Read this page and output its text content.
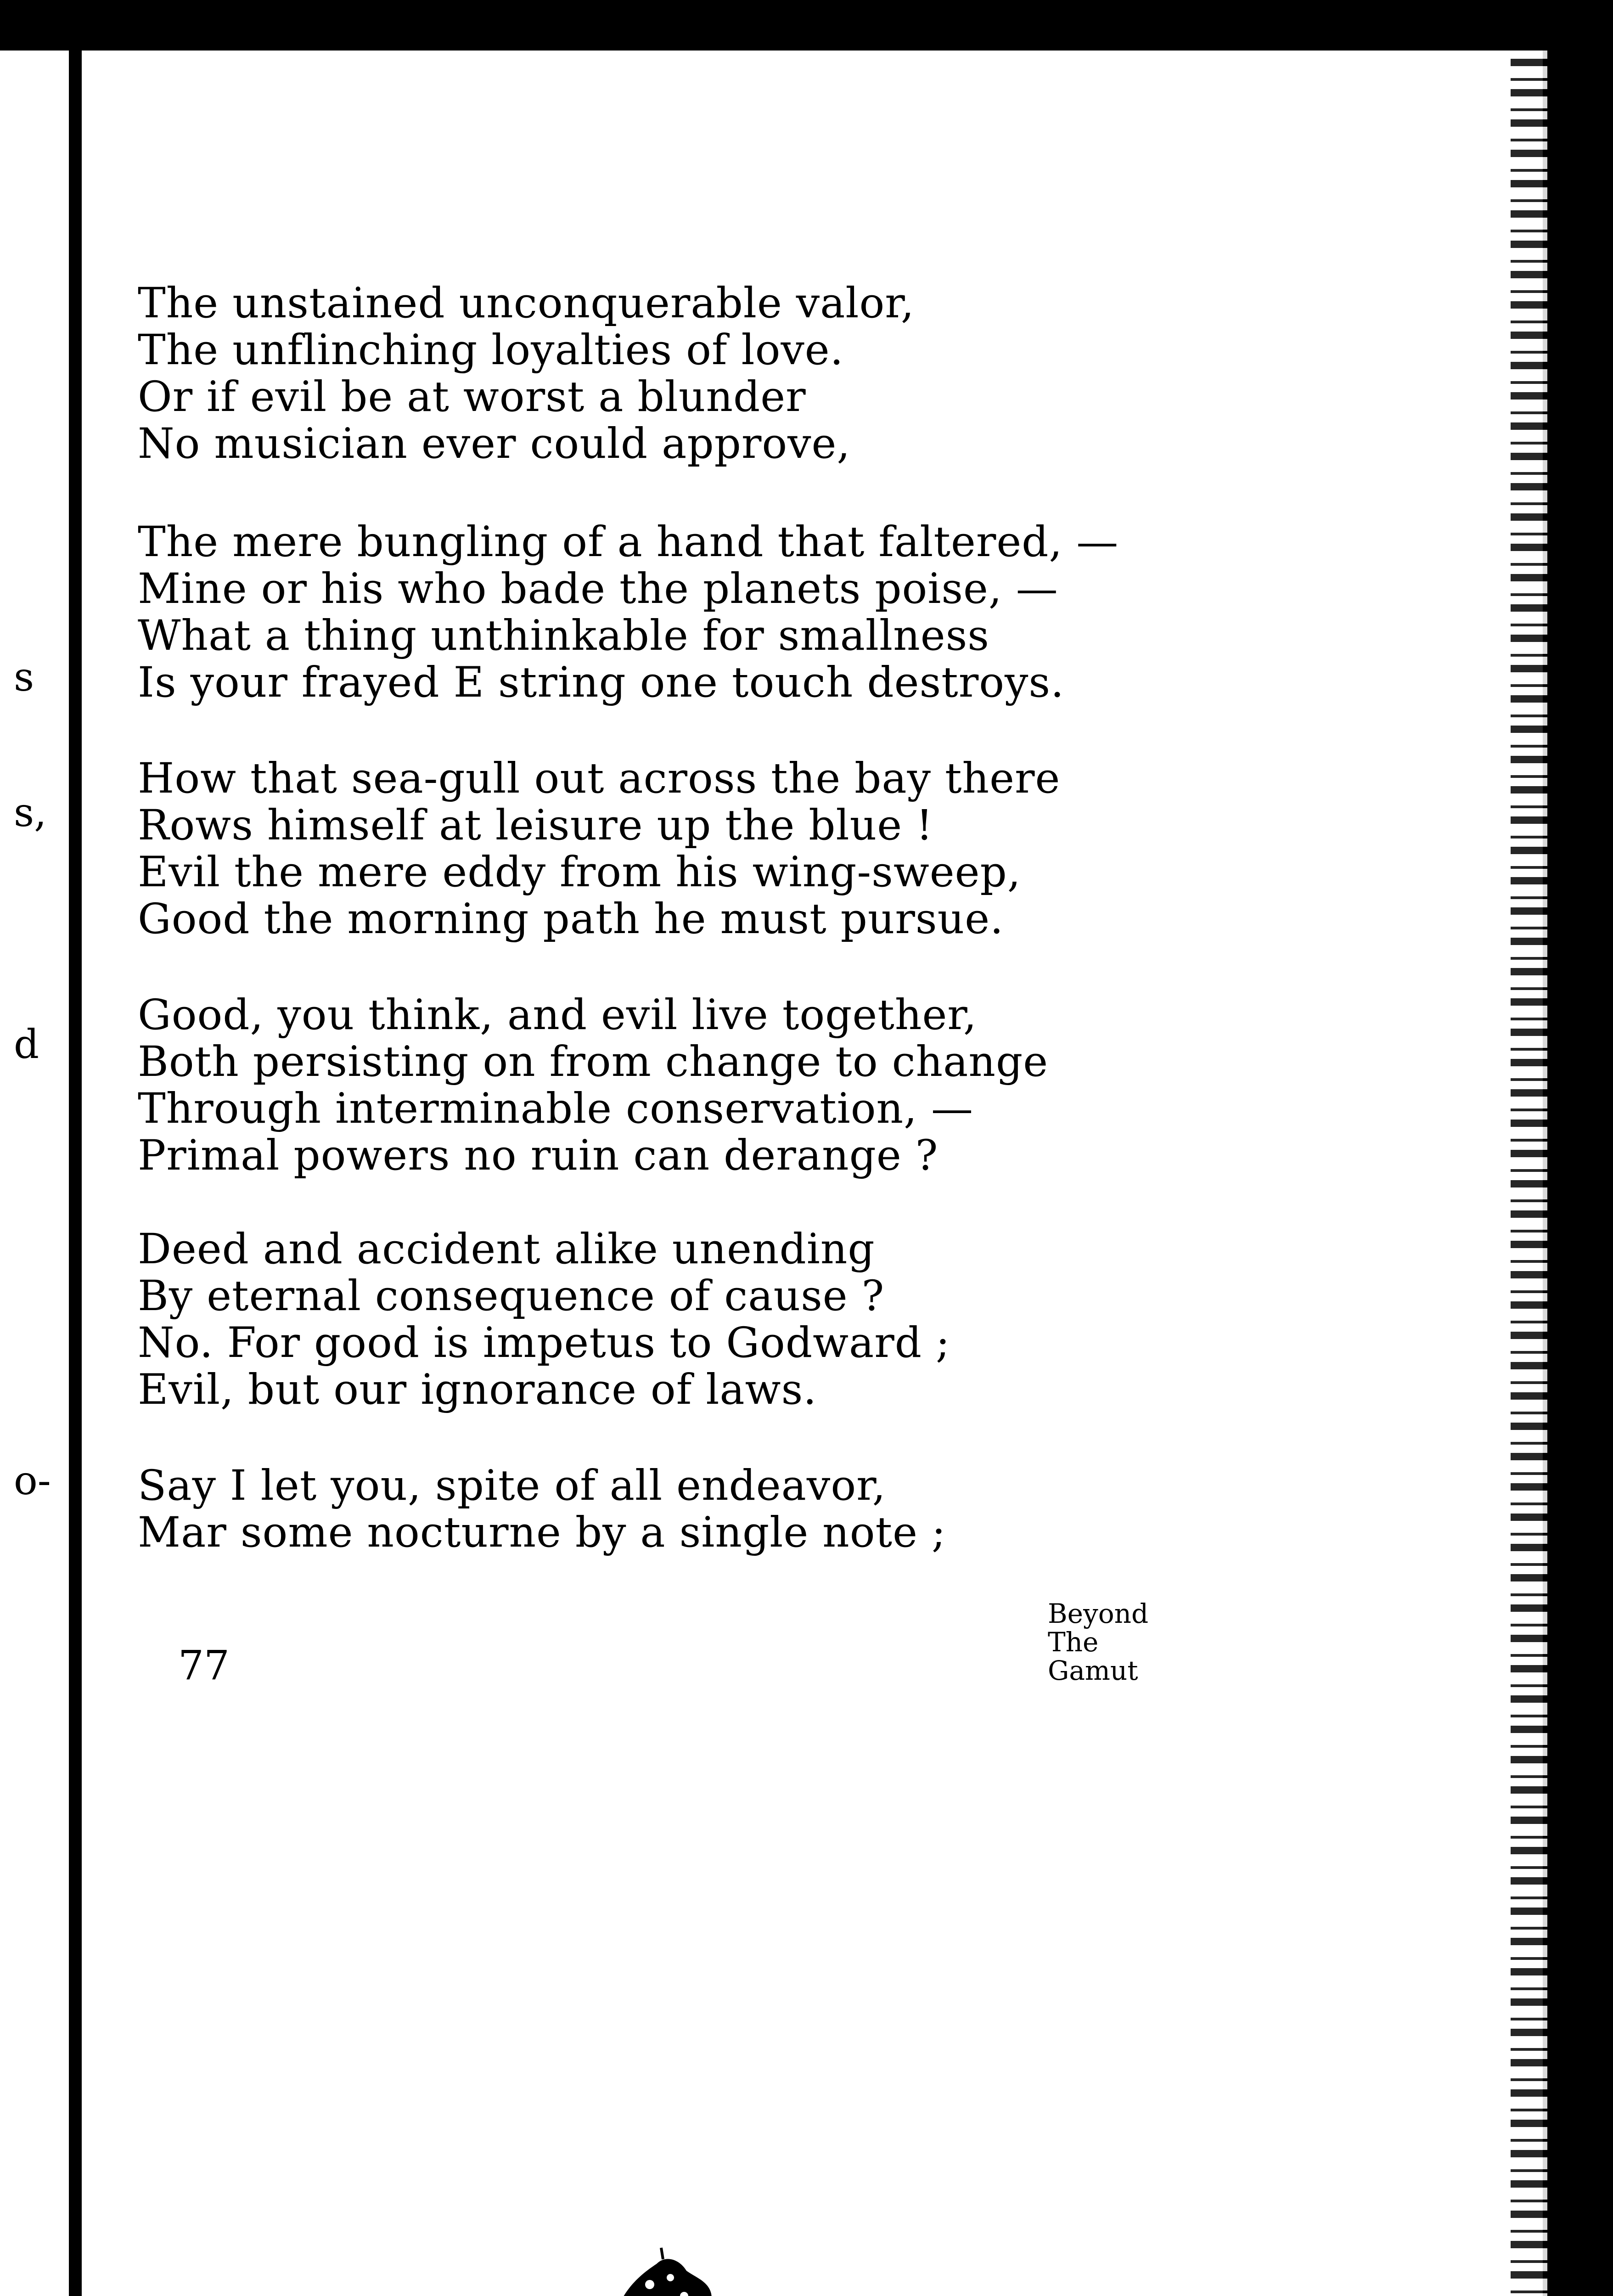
s
s,
d
o-
The unstained unconquerable valor,
The unflinching loyalties of love.
Or if evil be at worst a blunder
No musician ever could approve,
The mere bungling of a hand that faltered, —
Mine or his who bade the planets poise, —
What a thing unthinkable for smallness
Is your frayed E string one touch destroys.
How that sea-gull out across the bay there
Rows himself at leisure up the blue !
Evil the mere eddy from his wing-sweep,
Good the morning path he must pursue.
Good, you think, and evil live together,
Both persisting on from change to change
Through interminable conservation, —
Primal powers no ruin can derange ?
Deed and accident alike unending
By eternal consequence of cause ?
No. For good is impetus to Godward ;
Evil, but our ignorance of laws.
Say I let you, spite of all endeavor,
Mar some nocturne by a single note ;
77
Beyond
The
Gamut
